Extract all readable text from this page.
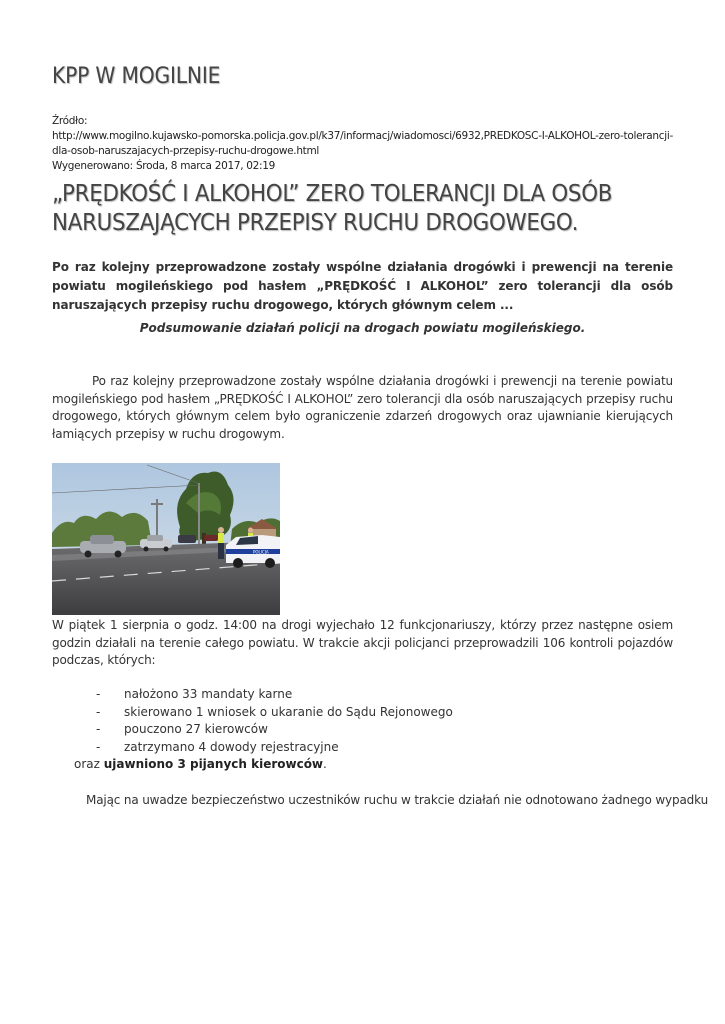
KPP W MOGILNIE
Źródło:
http://www.mogilno.kujawsko-pomorska.policja.gov.pl/k37/informacj/wiadomosci/6932,PREDKOSC-I-ALKOHOL-zero-tolerancji-dla-osob-naruszajacych-przepisy-ruchu-drogowe.html
Wygenerowano: Środa, 8 marca 2017, 02:19
„PRĘDKOŚĆ I ALKOHOL” ZERO TOLERANCJI DLA OSÓB NARUSZAJĄCYCH PRZEPISY RUCHU DROGOWEGO.
Po raz kolejny przeprowadzone zostały wspólne działania drogówki i prewencji na terenie powiatu mogileńskiego pod hasłem „PRĘDKOŚĆ I ALKOHOL” zero tolerancji dla osób naruszających przepisy ruchu drogowego, których głównym celem ...
Podsumowanie działań policji na drogach powiatu mogileńskiego.
Po raz kolejny przeprowadzone zostały wspólne działania drogówki i prewencji na terenie powiatu mogileńskiego pod hasłem „PRĘDKOŚĆ I ALKOHOL” zero tolerancji dla osób naruszających przepisy ruchu drogowego, których głównym celem było ograniczenie zdarzeń drogowych oraz ujawnianie kierujących łamiących przepisy w ruchu drogowym.
POLICJA
W piątek 1 sierpnia o godz. 14:00 na drogi wyjechało 12 funkcjonariuszy, którzy przez następne osiem godzin działali na terenie całego powiatu. W trakcie akcji policjanci przeprowadzili 106 kontroli pojazdów podczas, których:
- nałożono 33 mandaty karne
- skierowano 1 wniosek o ukaranie do Sądu Rejonowego
- pouczono 27 kierowców
- zatrzymano 4 dowody rejestracyjne
oraz ujawniono 3 pijanych kierowców.
Mając na uwadze bezpieczeństwo uczestników ruchu w trakcie działań nie odnotowano żadnego wypadku
